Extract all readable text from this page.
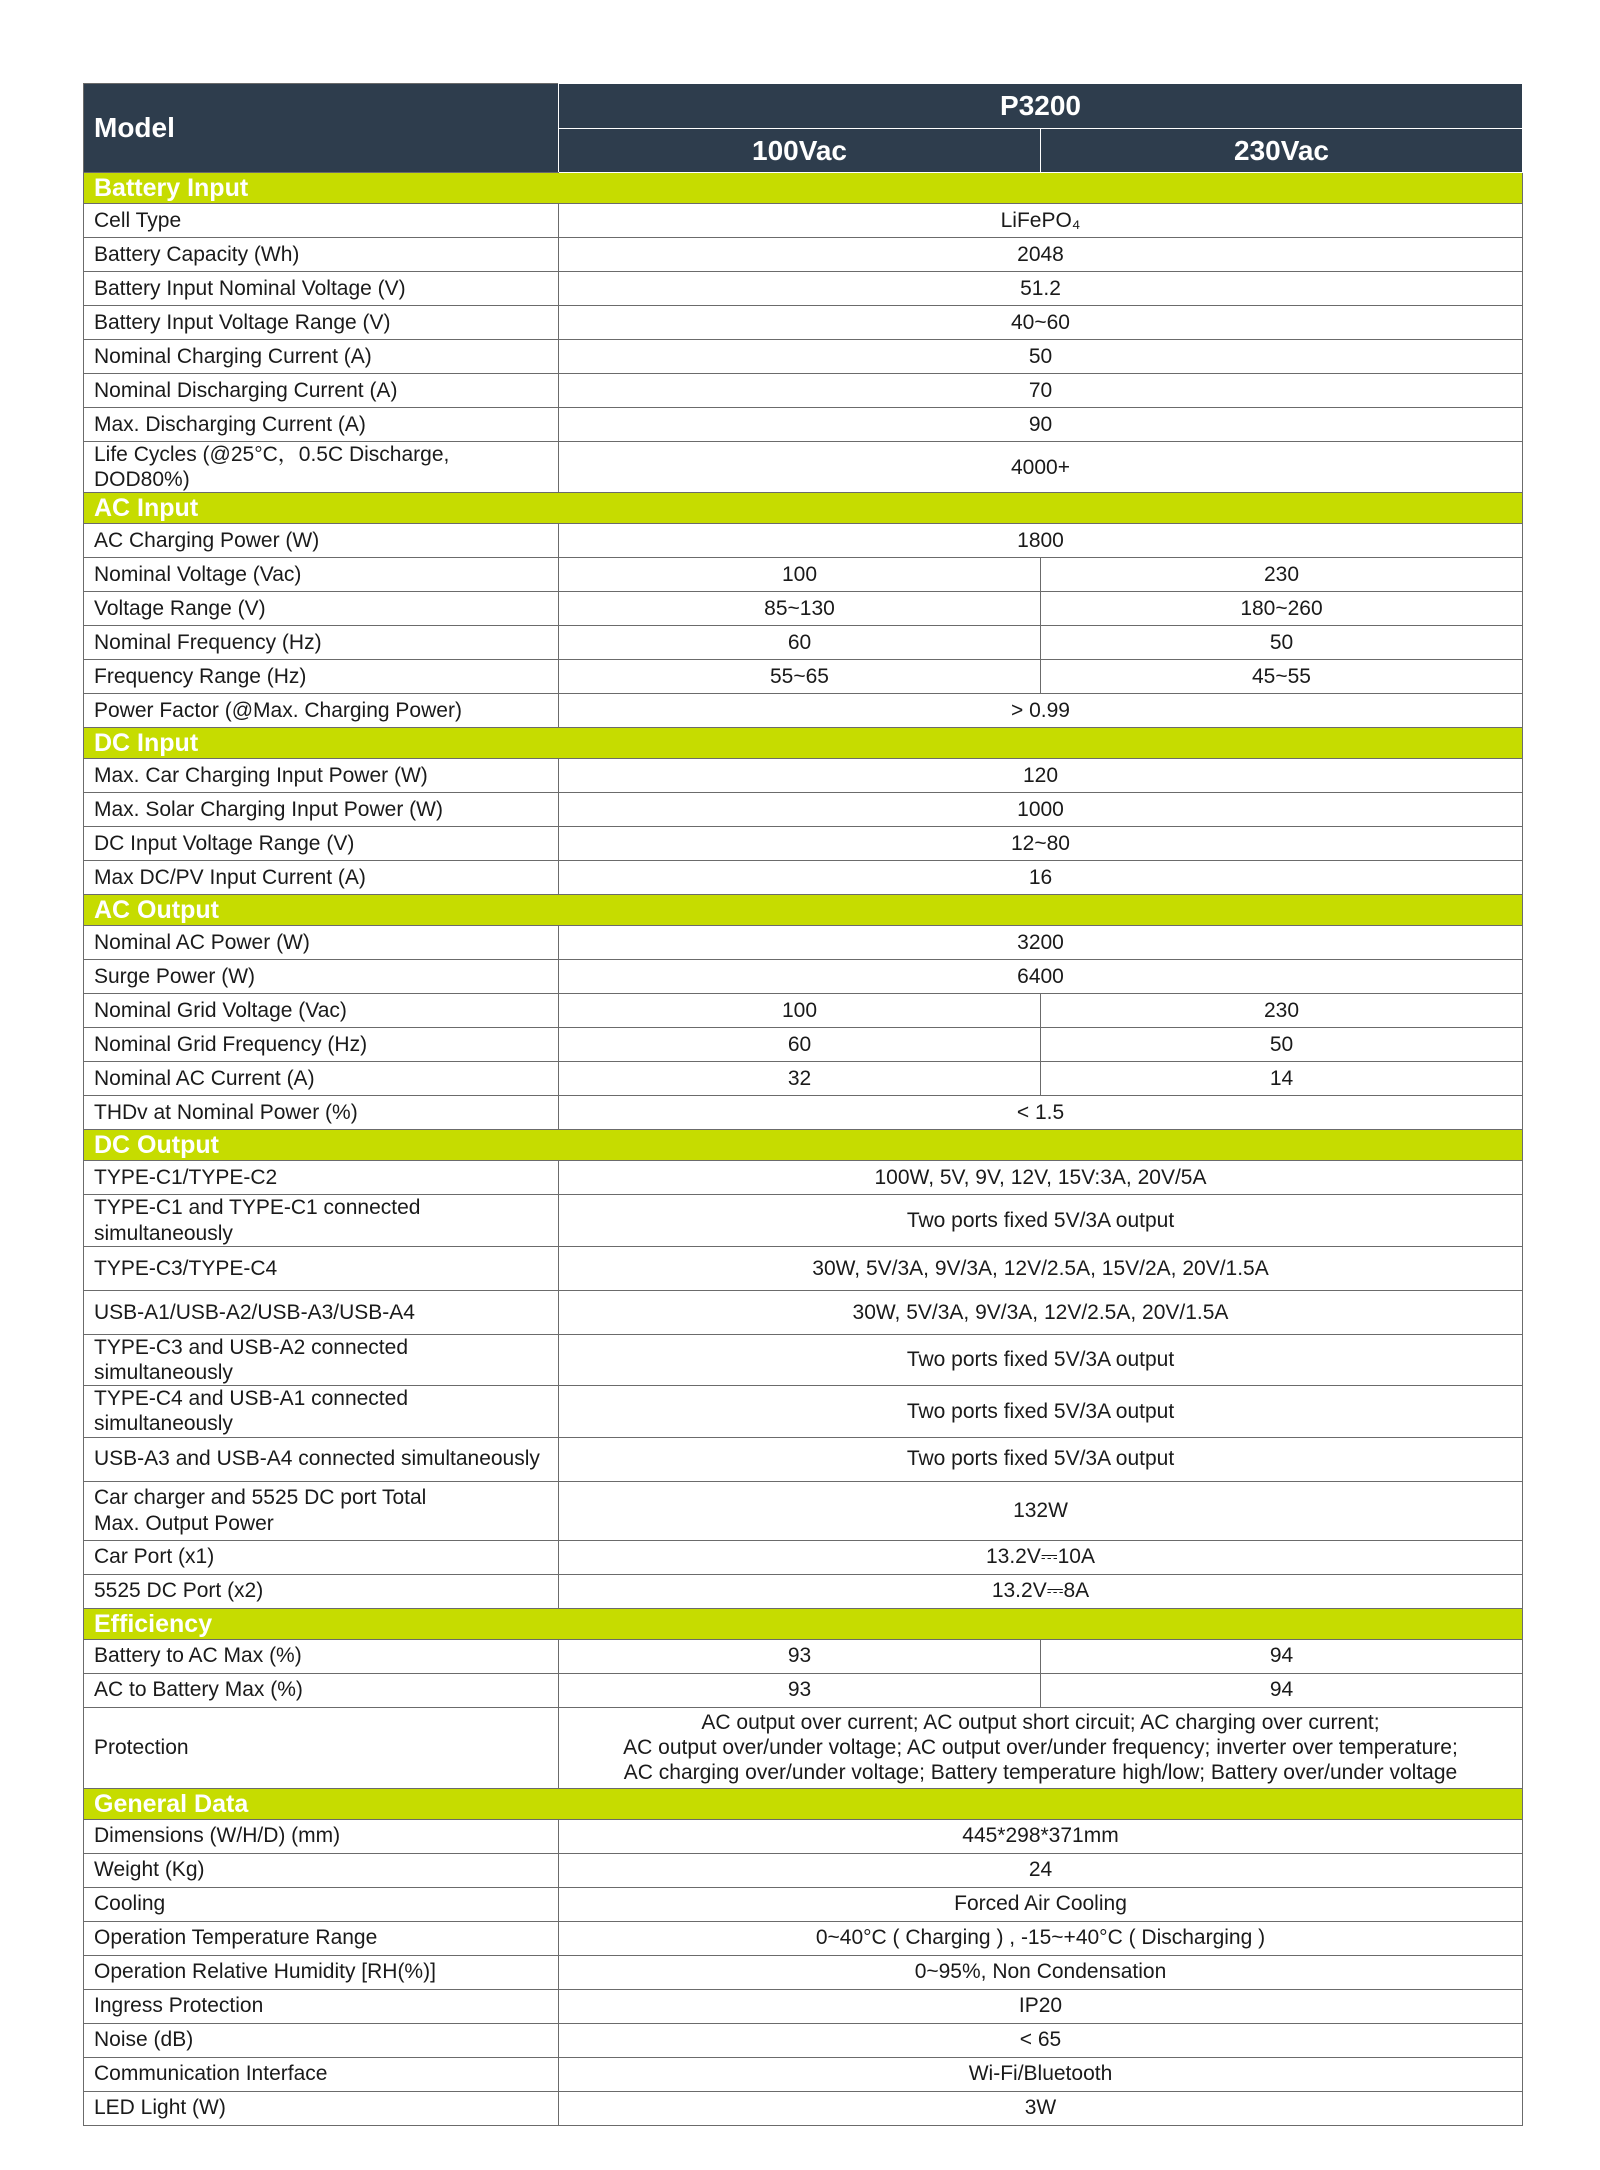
Model	P3200	
	100Vac	230Vac
Battery Input		
Cell Type	LiFePO₄	
Battery Capacity (Wh)	2048	
Battery Input Nominal Voltage (V)	51.2	
Battery Input Voltage Range (V)	40~60	
Nominal Charging Current (A)	50	
Nominal Discharging Current (A)	70	
Max. Discharging Current (A)	90	
Life Cycles (@25°C，0.5C Discharge, DOD80%)	4000+	
AC Input		
AC Charging Power (W)	1800	
Nominal Voltage (Vac)	100	230
Voltage Range (V)	85~130	180~260
Nominal Frequency (Hz)	60	50
Frequency Range (Hz)	55~65	45~55
Power Factor (@Max. Charging Power)	> 0.99	
DC Input		
Max. Car Charging Input Power (W)	120	
Max. Solar Charging Input Power (W)	1000	
DC Input Voltage Range (V)	12~80	
Max DC/PV Input Current (A)	16	
AC Output		
Nominal AC Power (W)	3200	
Surge Power (W)	6400	
Nominal Grid Voltage (Vac)	100	230
Nominal Grid Frequency (Hz)	60	50
Nominal AC Current (A)	32	14
THDv at Nominal Power (%)	< 1.5	
DC Output		
TYPE-C1/TYPE-C2	100W, 5V, 9V, 12V, 15V:3A, 20V/5A	
TYPE-C1 and TYPE-C1 connected simultaneously	Two ports fixed 5V/3A output	
TYPE-C3/TYPE-C4	30W, 5V/3A, 9V/3A, 12V/2.5A, 15V/2A, 20V/1.5A	
USB-A1/USB-A2/USB-A3/USB-A4	30W, 5V/3A, 9V/3A, 12V/2.5A, 20V/1.5A	
TYPE-C3 and USB-A2 connected simultaneously	Two ports fixed 5V/3A output	
TYPE-C4 and USB-A1 connected simultaneously	Two ports fixed 5V/3A output	
USB-A3 and USB-A4 connected simultaneously	Two ports fixed 5V/3A output	

Car charger and 5525 DC port Total
Max. Output Power	132W	
Car Port (x1)	13.2V⎓10A	
5525 DC Port (x2)	13.2V⎓8A	
Efficiency		
Battery to AC Max (%)	93	94
AC to Battery Max (%)	93	94
Protection	AC output over current; AC output short circuit; AC charging over current;
AC output over/under voltage; AC output over/under frequency; inverter over temperature;
AC charging over/under voltage; Battery temperature high/low; Battery over/under voltage	

General Data		
Dimensions (W/H/D) (mm)	445*298*371mm	
Weight (Kg)	24	
Cooling	Forced Air Cooling	
Operation Temperature Range	0~40°C ( Charging ) , -15~+40°C ( Discharging )	
Operation Relative Humidity [RH(%)]	0~95%, Non Condensation	
Ingress Protection	IP20	
Noise (dB)	< 65	
Communication Interface	Wi-Fi/Bluetooth	
LED Light (W)	3W	
